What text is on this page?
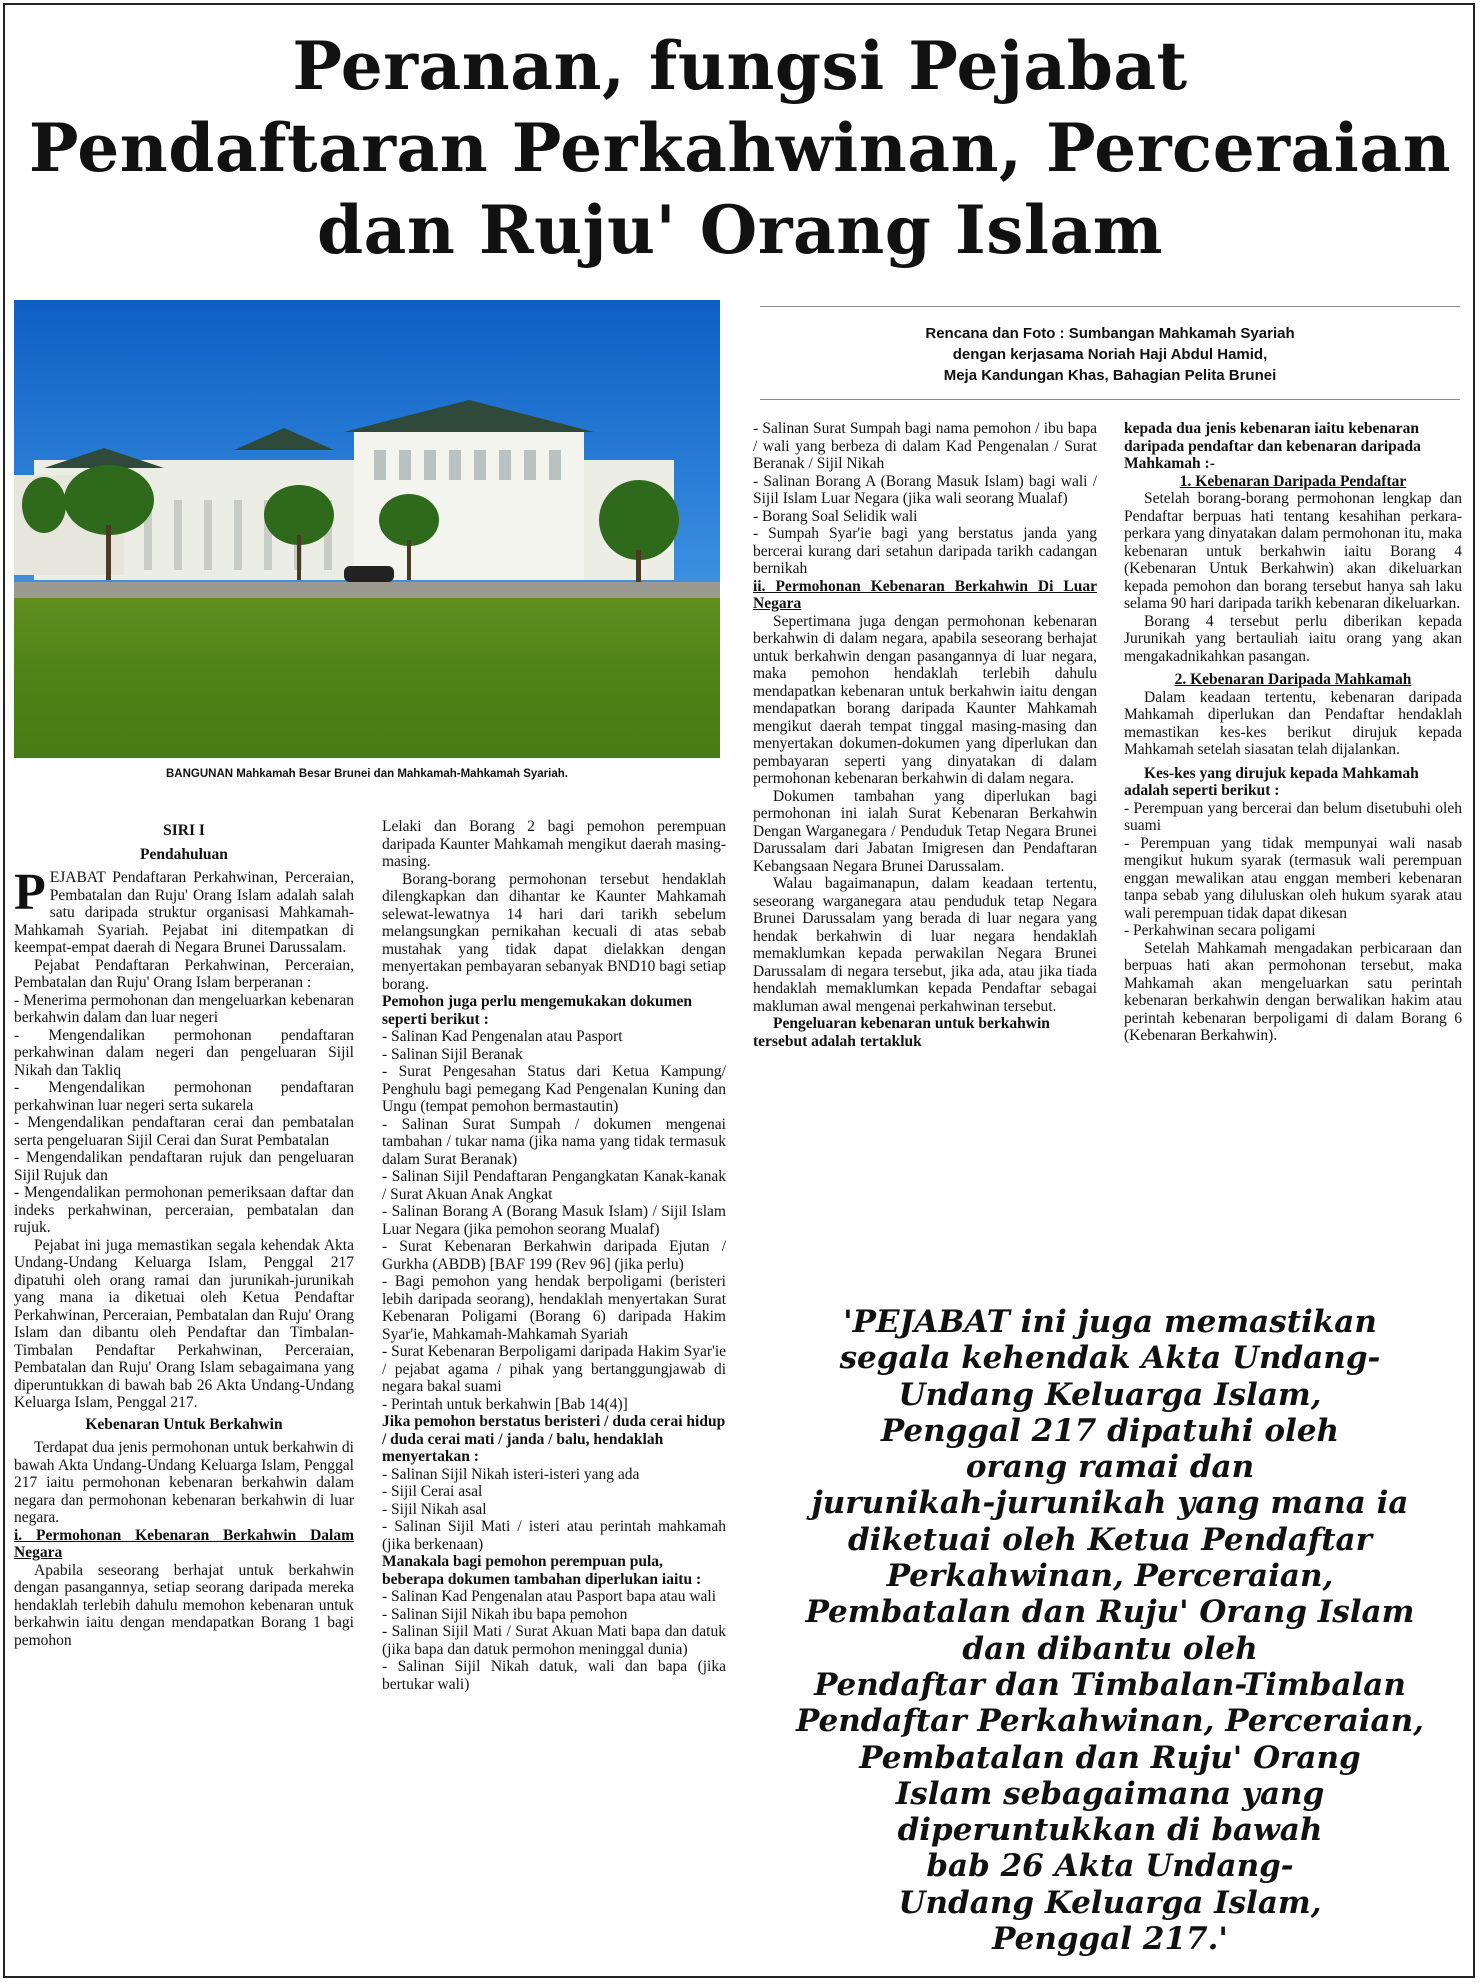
Peranan, fungsi Pejabat
Pendaftaran Perkahwinan, Perceraian
dan Ruju' Orang Islam
BANGUNAN Mahkamah Besar Brunei dan Mahkamah-Mahkamah Syariah.
Rencana dan Foto : Sumbangan Mahkamah Syariah
dengan kerjasama Noriah Haji Abdul Hamid,
Meja Kandungan Khas, Bahagian Pelita Brunei

SIRI I

Pendahuluan

PEJABAT Pendaftaran Perkahwinan, Perceraian, Pembatalan dan Ruju' Orang Islam adalah salah satu daripada struktur organisasi Mahkamah-Mahkamah Syariah. Pejabat ini ditempatkan di keempat-empat daerah di Negara Brunei Darussalam.

Pejabat Pendaftaran Perkahwinan, Perceraian, Pembatalan dan Ruju' Orang Islam berperanan :

- Menerima permohonan dan mengeluarkan kebenaran berkahwin dalam dan luar negeri

- Mengendalikan permohonan pendaftaran perkahwinan dalam negeri dan pengeluaran Sijil Nikah dan Takliq

- Mengendalikan permohonan pendaftaran perkahwinan luar negeri serta sukarela

- Mengendalikan pendaftaran cerai dan pembatalan serta pengeluaran Sijil Cerai dan Surat Pembatalan

- Mengendalikan pendaftaran rujuk dan pengeluaran Sijil Rujuk dan

- Mengendalikan permohonan pemeriksaan daftar dan indeks perkahwinan, perceraian, pembatalan dan rujuk.

Pejabat ini juga memastikan segala kehendak Akta Undang-Undang Keluarga Islam, Penggal 217 dipatuhi oleh orang ramai dan jurunikah-jurunikah yang mana ia diketuai oleh Ketua Pendaftar Perkahwinan, Perceraian, Pembatalan dan Ruju' Orang Islam dan dibantu oleh Pendaftar dan Timbalan-Timbalan Pendaftar Perkahwinan, Perceraian, Pembatalan dan Ruju' Orang Islam sebagaimana yang diperuntukkan di bawah bab 26 Akta Undang-Undang Keluarga Islam, Penggal 217.

Kebenaran Untuk Berkahwin

Terdapat dua jenis permohonan untuk berkahwin di bawah Akta Undang-Undang Keluarga Islam, Penggal 217 iaitu permohonan kebenaran berkahwin dalam negara dan permohonan kebenaran berkahwin di luar negara.

i. Permohonan Kebenaran Berkahwin Dalam Negara

Apabila seseorang berhajat untuk berkahwin dengan pasangannya, setiap seorang daripada mereka hendaklah terlebih dahulu memohon kebenaran untuk berkahwin iaitu dengan mendapatkan Borang 1 bagi pemohon

Lelaki dan Borang 2 bagi pemohon perempuan daripada Kaunter Mahkamah mengikut daerah masing-masing.

Borang-borang permohonan tersebut hendaklah dilengkapkan dan dihantar ke Kaunter Mahkamah selewat-lewatnya 14 hari dari tarikh sebelum melangsungkan pernikahan kecuali di atas sebab mustahak yang tidak dapat dielakkan dengan menyertakan pembayaran sebanyak BND10 bagi setiap borang.

Pemohon juga perlu mengemukakan dokumen seperti berikut :

- Salinan Kad Pengenalan atau Pasport

- Salinan Sijil Beranak

- Surat Pengesahan Status dari Ketua Kampung/ Penghulu bagi pemegang Kad Pengenalan Kuning dan Ungu (tempat pemohon bermastautin)

- Salinan Surat Sumpah / dokumen mengenai tambahan / tukar nama (jika nama yang tidak termasuk dalam Surat Beranak)

- Salinan Sijil Pendaftaran Pengangkatan Kanak-kanak / Surat Akuan Anak Angkat

- Salinan Borang A (Borang Masuk Islam) / Sijil Islam Luar Negara (jika pemohon seorang Mualaf)

- Surat Kebenaran Berkahwin daripada Ejutan / Gurkha (ABDB) [BAF 199 (Rev 96] (jika perlu)

- Bagi pemohon yang hendak berpoligami (beristeri lebih daripada seorang), hendaklah menyertakan Surat Kebenaran Poligami (Borang 6) daripada Hakim Syar'ie, Mahkamah-Mahkamah Syariah

- Surat Kebenaran Berpoligami daripada Hakim Syar'ie / pejabat agama / pihak yang bertanggungjawab di negara bakal suami

- Perintah untuk berkahwin [Bab 14(4)]

Jika pemohon berstatus beristeri / duda cerai hidup / duda cerai mati / janda / balu, hendaklah menyertakan :

- Salinan Sijil Nikah isteri-isteri yang ada

- Sijil Cerai asal

- Sijil Nikah asal

- Salinan Sijil Mati / isteri atau perintah mahkamah (jika berkenaan)

Manakala bagi pemohon perempuan pula, beberapa dokumen tambahan diperlukan iaitu :

- Salinan Kad Pengenalan atau Pasport bapa atau wali

- Salinan Sijil Nikah ibu bapa pemohon

- Salinan Sijil Mati / Surat Akuan Mati bapa dan datuk (jika bapa dan datuk permohon meninggal dunia)

- Salinan Sijil Nikah datuk, wali dan bapa (jika bertukar wali)

- Salinan Surat Sumpah bagi nama pemohon / ibu bapa / wali yang berbeza di dalam Kad Pengenalan / Surat Beranak / Sijil Nikah

- Salinan Borang A (Borang Masuk Islam) bagi wali / Sijil Islam Luar Negara (jika wali seorang Mualaf)

- Borang Soal Selidik wali

- Sumpah Syar'ie bagi yang berstatus janda yang bercerai kurang dari setahun daripada tarikh cadangan bernikah

ii. Permohonan Kebenaran Berkahwin Di Luar Negara

Sepertimana juga dengan permohonan kebenaran berkahwin di dalam negara, apabila seseorang berhajat untuk berkahwin dengan pasangannya di luar negara, maka pemohon hendaklah terlebih dahulu mendapatkan kebenaran untuk berkahwin iaitu dengan mendapatkan borang daripada Kaunter Mahkamah mengikut daerah tempat tinggal masing-masing dan menyertakan dokumen-dokumen yang diperlukan dan pembayaran seperti yang dinyatakan di dalam permohonan kebenaran berkahwin di dalam negara.

Dokumen tambahan yang diperlukan bagi permohonan ini ialah Surat Kebenaran Berkahwin Dengan Warganegara / Penduduk Tetap Negara Brunei Darussalam dari Jabatan Imigresen dan Pendaftaran Kebangsaan Negara Brunei Darussalam.

Walau bagaimanapun, dalam keadaan tertentu, seseorang warganegara atau penduduk tetap Negara Brunei Darussalam yang berada di luar negara yang hendak berkahwin di luar negara hendaklah memaklumkan kepada perwakilan Negara Brunei Darussalam di negara tersebut, jika ada, atau jika tiada hendaklah memaklumkan kepada Pendaftar sebagai makluman awal mengenai perkahwinan tersebut.

Pengeluaran kebenaran untuk berkahwin tersebut adalah tertakluk

kepada dua jenis kebenaran iaitu kebenaran daripada pendaftar dan kebenaran daripada Mahkamah :-

1. Kebenaran Daripada Pendaftar

Setelah borang-borang permohonan lengkap dan Pendaftar berpuas hati tentang kesahihan perkara-perkara yang dinyatakan dalam permohonan itu, maka kebenaran untuk berkahwin iaitu Borang 4 (Kebenaran Untuk Berkahwin) akan dikeluarkan kepada pemohon dan borang tersebut hanya sah laku selama 90 hari daripada tarikh kebenaran dikeluarkan.

Borang 4 tersebut perlu diberikan kepada Jurunikah yang bertauliah iaitu orang yang akan mengakadnikahkan pasangan.

2. Kebenaran Daripada Mahkamah

Dalam keadaan tertentu, kebenaran daripada Mahkamah diperlukan dan Pendaftar hendaklah memastikan kes-kes berikut dirujuk kepada Mahkamah setelah siasatan telah dijalankan.

Kes-kes yang dirujuk kepada Mahkamah adalah seperti berikut :

- Perempuan yang bercerai dan belum disetubuhi oleh suami

- Perempuan yang tidak mempunyai wali nasab mengikut hukum syarak (termasuk wali perempuan enggan mewalikan atau enggan memberi kebenaran tanpa sebab yang diluluskan oleh hukum syarak atau wali perempuan tidak dapat dikesan

- Perkahwinan secara poligami

Setelah Mahkamah mengadakan perbicaraan dan berpuas hati akan permohonan tersebut, maka Mahkamah akan mengeluarkan satu perintah kebenaran berkahwin dengan berwalikan hakim atau perintah kebenaran berpoligami di dalam Borang 6 (Kebenaran Berkahwin).

'PEJABAT ini juga memastikan
segala kehendak Akta Undang-
Undang Keluarga Islam,
Penggal 217 dipatuhi oleh
orang ramai dan
jurunikah-jurunikah yang mana ia
diketuai oleh Ketua Pendaftar
Perkahwinan, Perceraian,
Pembatalan dan Ruju' Orang Islam
dan dibantu oleh
Pendaftar dan Timbalan-Timbalan
Pendaftar Perkahwinan, Perceraian,
Pembatalan dan Ruju' Orang
Islam sebagaimana yang
diperuntukkan di bawah
bab 26 Akta Undang-
Undang Keluarga Islam,
Penggal 217.'
